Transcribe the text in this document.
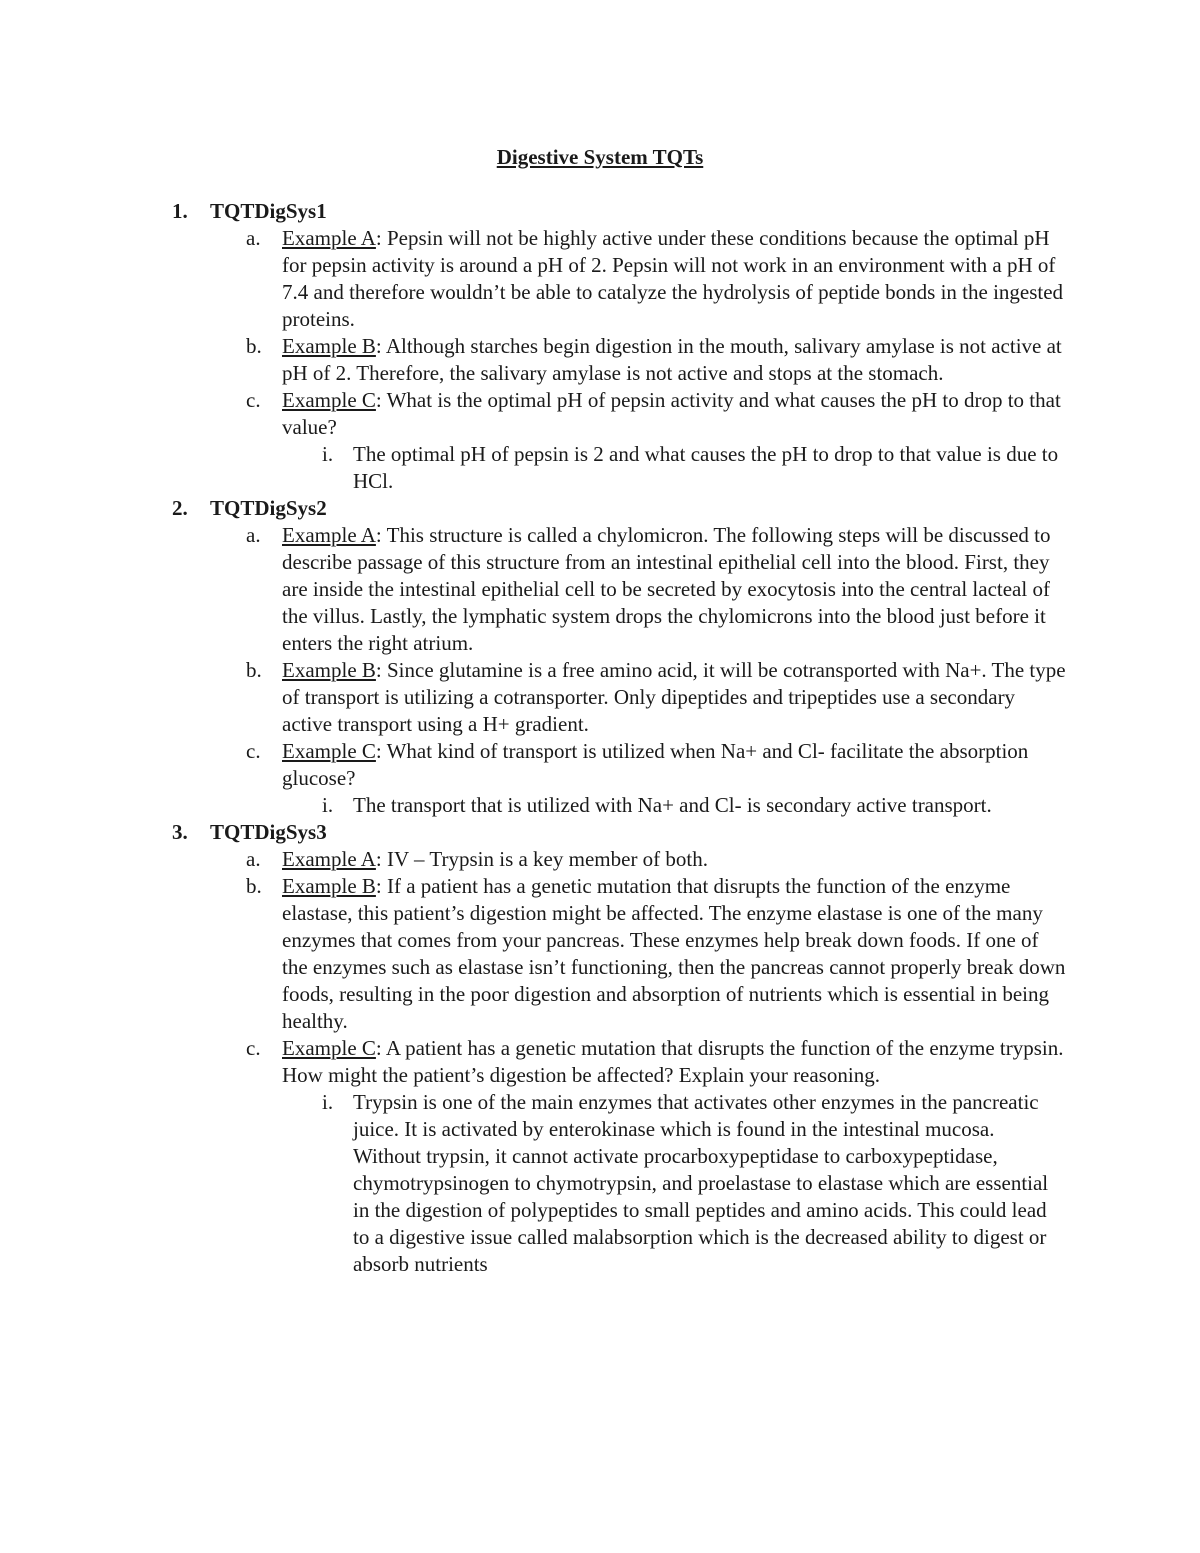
Digestive System TQTs
1. TQTDigSys1
a. Example A: Pepsin will not be highly active under these conditions because the optimal pH for pepsin activity is around a pH of 2. Pepsin will not work in an environment with a pH of 7.4 and therefore wouldn’t be able to catalyze the hydrolysis of peptide bonds in the ingested proteins.

b. Example B: Although starches begin digestion in the mouth, salivary amylase is not active at pH of 2. Therefore, the salivary amylase is not active and stops at the stomach.

c. Example C: What is the optimal pH of pepsin activity and what causes the pH to drop to that value?

i. The optimal pH of pepsin is 2 and what causes the pH to drop to that value is due to HCl.

2. TQTDigSys2
a. Example A: This structure is called a chylomicron. The following steps will be discussed to describe passage of this structure from an intestinal epithelial cell into the blood. First, they are inside the intestinal epithelial cell to be secreted by exocytosis into the central lacteal of the villus. Lastly, the lymphatic system drops the chylomicrons into the blood just before it enters the right atrium.

b. Example B: Since glutamine is a free amino acid, it will be cotransported with Na+. The type of transport is utilizing a cotransporter. Only dipeptides and tripeptides use a secondary active transport using a H+ gradient.

c. Example C: What kind of transport is utilized when Na+ and Cl- facilitate the absorption glucose?

i. The transport that is utilized with Na+ and Cl- is secondary active transport.

3. TQTDigSys3
a. Example A: IV – Trypsin is a key member of both.

b. Example B: If a patient has a genetic mutation that disrupts the function of the enzyme elastase, this patient’s digestion might be affected. The enzyme elastase is one of the many enzymes that comes from your pancreas. These enzymes help break down foods. If one of the enzymes such as elastase isn’t functioning, then the pancreas cannot properly break down foods, resulting in the poor digestion and absorption of nutrients which is essential in being healthy.

c. Example C: A patient has a genetic mutation that disrupts the function of the enzyme trypsin. How might the patient’s digestion be affected? Explain your reasoning.

i. Trypsin is one of the main enzymes that activates other enzymes in the pancreatic juice. It is activated by enterokinase which is found in the intestinal mucosa. Without trypsin, it cannot activate procarboxypeptidase to carboxypeptidase, chymotrypsinogen to chymotrypsin, and proelastase to elastase which are essential in the digestion of polypeptides to small peptides and amino acids. This could lead to a digestive issue called malabsorption which is the decreased ability to digest or absorb nutrients
